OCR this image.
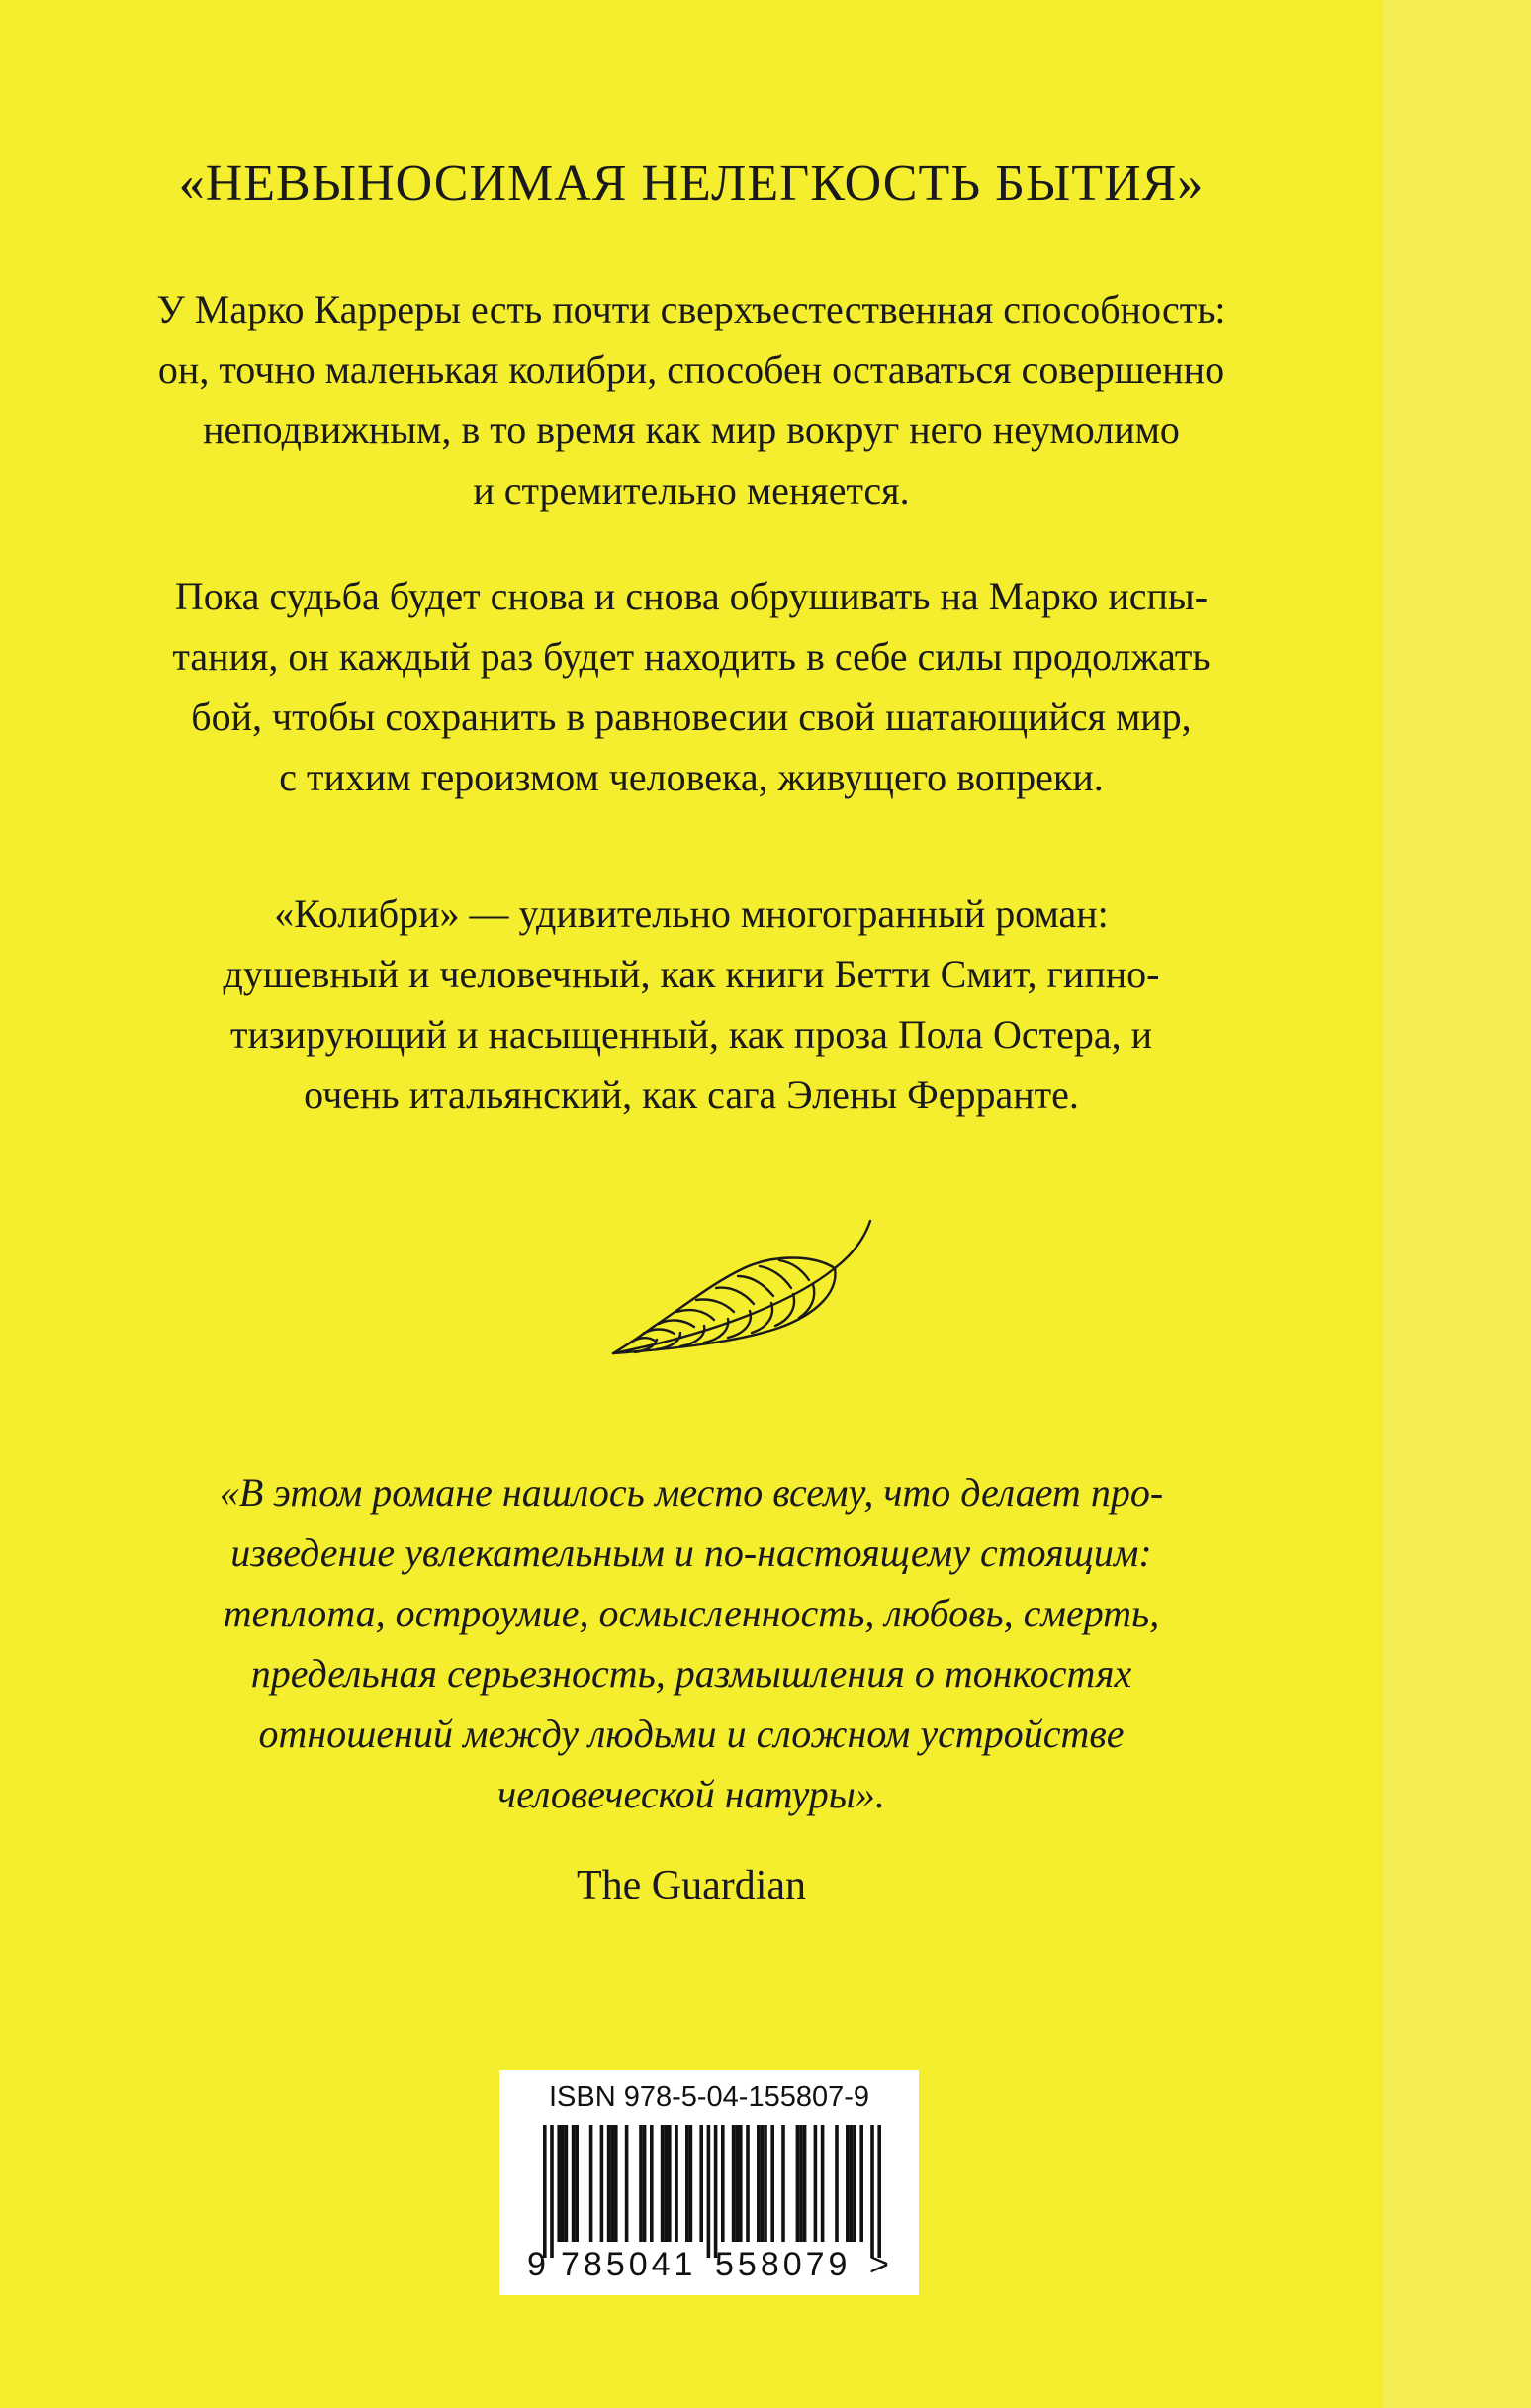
«НЕВЫНОСИМАЯ НЕЛЕГКОСТЬ БЫТИЯ»

У Марко Карреры есть почти сверхъестественная способность:
он, точно маленькая колибри, способен оставаться совершенно
неподвижным, в то время как мир вокруг него неумолимо
и стремительно меняется.

Пока судьба будет снова и снова обрушивать на Марко испы-
тания, он каждый раз будет находить в себе силы продолжать
бой, чтобы сохранить в равновесии свой шатающийся мир,
с тихим героизмом человека, живущего вопреки.

«Колибри» — удивительно многогранный роман:
душевный и человечный, как книги Бетти Смит, гипно-
тизирующий и насыщенный, как проза Пола Остера, и
очень итальянский, как сага Элены Ферранте.

«В этом романе нашлось место всему, что делает про-
изведение увлекательным и по-настоящему стоящим:
теплота, остроумие, осмысленность, любовь, смерть,
предельная серьезность, размышления о тонкостях
отношений между людьми и сложном устройстве
человеческой натуры».

The Guardian

ISBN 978-5-04-155807-9
9 785041 558079 >
